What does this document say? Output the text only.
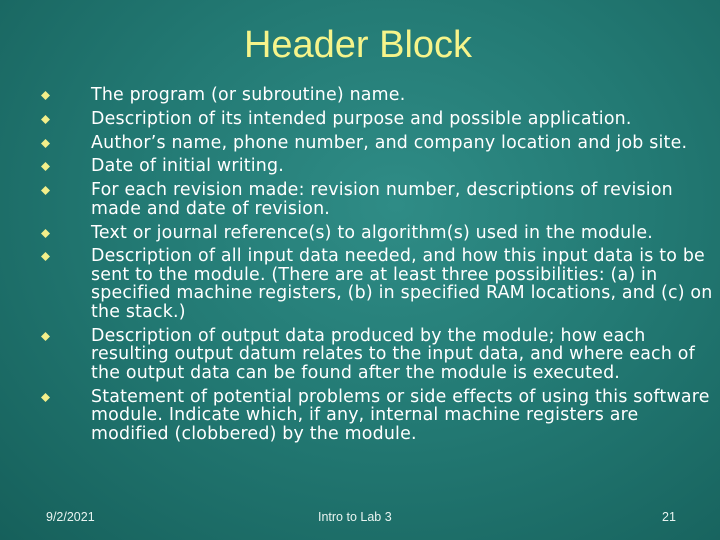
Header Block
The program (or subroutine) name.
Description of its intended purpose and possible application.
Author’s name, phone number, and company location and job site.
Date of initial writing.
For each revision made: revision number, descriptions of revision made and date of revision.
Text or journal reference(s) to algorithm(s) used in the module.
Description of all input data needed, and how this input data is to be sent to the module. (There are at least three possibilities: (a) in specified machine registers, (b) in specified RAM locations, and (c) on the stack.)
Description of output data produced by the module; how each resulting output datum relates to the input data, and where each of the output data can be found after the module is executed.
Statement of potential problems or side effects of using this software module. Indicate which, if any, internal machine registers are modified (clobbered) by the module.
9/2/2021	Intro to Lab 3	21
